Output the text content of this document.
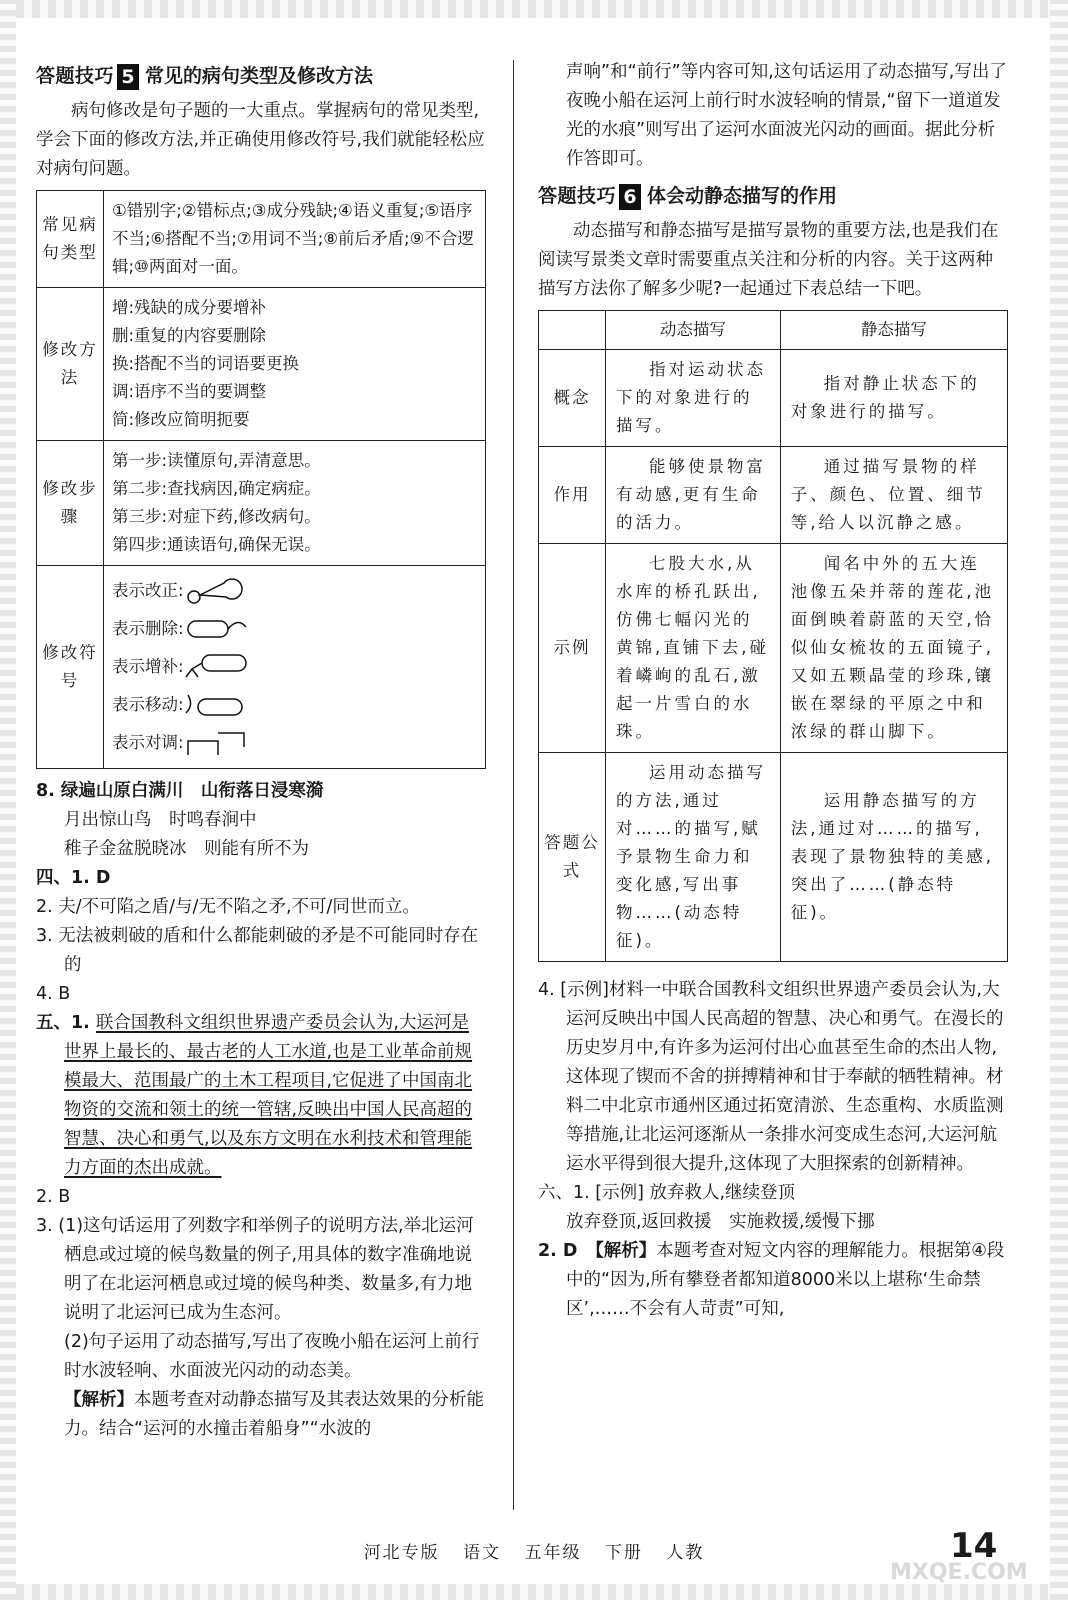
答题技巧 5 常见的病句类型及修改方法

病句修改是句子题的一大重点。掌握病句的常见类型,学会下面的修改方法,并正确使用修改符号,我们就能轻松应对病句问题。

常见病句类型	①错别字;②错标点;③成分残缺;④语义重复;⑤语序不当;⑥搭配不当;⑦用词不当;⑧前后矛盾;⑨不合逻辑;⑩两面对一面。
修改方法	增:残缺的成分要增补
删:重复的内容要删除
换:搭配不当的词语要更换
调:语序不当的要调整
简:修改应简明扼要

修改步骤	第一步:读懂原句,弄清意思。
第二步:查找病因,确定病症。
第三步:对症下药,修改病句。
第四步:通读语句,确保无误。

修改符号	表示改正:
表示删除:
表示增补:
表示移动:
表示对调:

8. 绿遍山原白满川　山衔落日浸寒漪

月出惊山鸟　时鸣春涧中

稚子金盆脱晓冰　则能有所不为

四、1. D

2. 夫/不可陷之盾/与/无不陷之矛,不可/同世而立。

3. 无法被刺破的盾和什么都能刺破的矛是不可能同时存在的

4. B

五、1. 联合国教科文组织世界遗产委员会认为,大运河是世界上最长的、最古老的人工水道,也是工业革命前规模最大、范围最广的土木工程项目,它促进了中国南北物资的交流和领土的统一管辖,反映出中国人民高超的智慧、决心和勇气,以及东方文明在水利技术和管理能力方面的杰出成就。

2. B

3. (1)这句话运用了列数字和举例子的说明方法,举北运河栖息或过境的候鸟数量的例子,用具体的数字准确地说明了在北运河栖息或过境的候鸟种类、数量多,有力地说明了北运河已成为生态河。

(2)句子运用了动态描写,写出了夜晚小船在运河上前行时水波轻响、水面波光闪动的动态美。

【解析】本题考查对动静态描写及其表达效果的分析能力。结合“运河的水撞击着船身”“水波的

声响”和“前行”等内容可知,这句话运用了动态描写,写出了夜晚小船在运河上前行时水波轻响的情景,“留下一道道发光的水痕”则写出了运河水面波光闪动的画面。据此分析作答即可。

答题技巧 6 体会动静态描写的作用

动态描写和静态描写是描写景物的重要方法,也是我们在阅读写景类文章时需要重点关注和分析的内容。关于这两种描写方法你了解多少呢?一起通过下表总结一下吧。

	动态描写	静态描写
概念	指对运动状态下的对象进行的描写。	指对静止状态下的对象进行的描写。

作用	能够使景物富有动感,更有生命的活力。	通过描写景物的样子、颜色、位置、细节等,给人以沉静之感。

示例	七股大水,从水库的桥孔跃出,仿佛七幅闪光的黄锦,直铺下去,碰着嶙峋的乱石,激起一片雪白的水珠。	闻名中外的五大连池像五朵并蒂的莲花,池面倒映着蔚蓝的天空,恰似仙女梳妆的五面镜子,又如五颗晶莹的珍珠,镶嵌在翠绿的平原之中和浓绿的群山脚下。

答题公式	运用动态描写的方法,通过对……的描写,赋予景物生命力和变化感,写出事物……(动态特征)。	运用静态描写的方法,通过对……的描写,表现了景物独特的美感,突出了……(静态特征)。

4. [示例]材料一中联合国教科文组织世界遗产委员会认为,大运河反映出中国人民高超的智慧、决心和勇气。在漫长的历史岁月中,有许多为运河付出心血甚至生命的杰出人物,这体现了锲而不舍的拼搏精神和甘于奉献的牺牲精神。材料二中北京市通州区通过拓宽清淤、生态重构、水质监测等措施,让北运河逐渐从一条排水河变成生态河,大运河航运水平得到很大提升,这体现了大胆探索的创新精神。

六、1. [示例] 放弃救人,继续登顶

放弃登顶,返回救援　实施救援,缓慢下挪

2. D　【解析】本题考查对短文内容的理解能力。根据第④段中的“因为,所有攀登者都知道8000米以上堪称‘生命禁区’,……不会有人苛责”可知,

河北专版 语文 五年级 下册 人教	14
MXQE.COM
